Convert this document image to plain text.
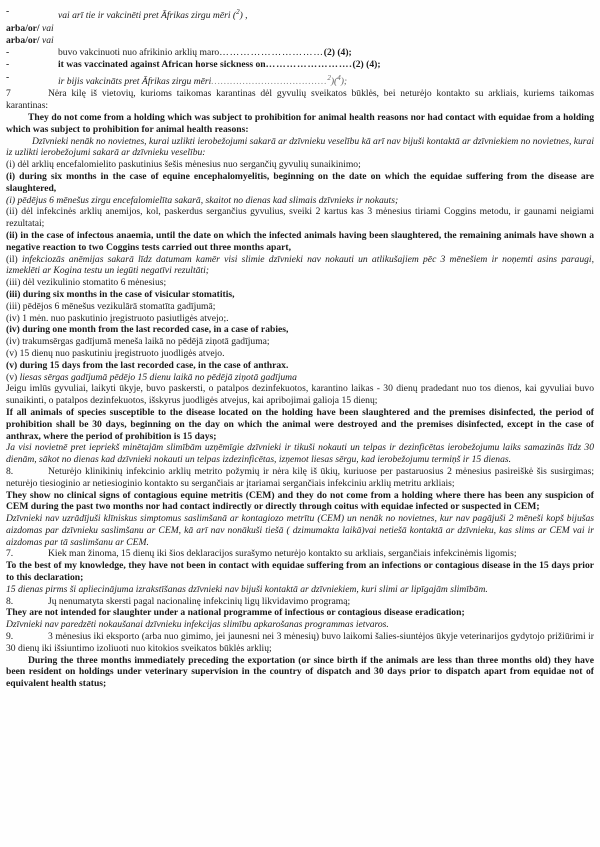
-	vai arī tie ir vakcinēti pret Āfrikas zirgu mēri ($^2$) ,
arba/or/ vai
arba/or/ vai
-	buvo vakcinuoti nuo afrikinio arklių maro…………………………(2) (4);
-	it was vaccinated against African horse sickness on…………………….(2) (4);
-	ir bijis vakcināts pret Āfrikas zirgu mēri…………………………….…$^2$)($^4$);

7	Nėra kilę iš vietovių, kurioms taikomas karantinas dėl gyvulių sveikatos būklės, bei neturėjo kontakto su arkliais, kuriems taikomas karantinas:

They do not come from a holding which was subject to prohibition for animal health reasons nor had contact with equidae from a holding which was subject to prohibition for animal health reasons:

Dzīvnieki nenāk no novietnes, kurai uzlikti ierobežojumi sakarā ar dzīvnieku veselību kā arī nav bijuši kontaktā ar dzīvniekiem no novietnes, kurai iz uzlikti ierobežojumi sakarā ar dzīvnieku veselību:

(i) dėl arklių encefalomielito paskutinius šešis mėnesius nuo sergančių gyvulių sunaikinimo;

(i) during six months in the case of equine encephalomyelitis, beginning on the date on which the equidae suffering from the disease are slaughtered,

(i) pēdējus 6 mēnešus zirgu encefalomielīta sakarā, skaitot no dienas kad slimais dzīvnieks ir nokauts;

(ii) dėl infekcinės arklių anemijos, kol, paskerdus sergančius gyvulius, sveiki 2 kartus kas 3 mėnesius tiriami Coggins metodu, ir gaunami neigiami rezultatai;

(ii) in the case of infectous anaemia, until the date on which the infected animals having been slaughtered, the remaining animals have shown a negative reaction to two Coggins tests carried out three months apart,

(il) infekciozās anēmijas sakarā līdz datumam kamēr visi slimie dzīvnieki nav nokauti un atlikušajiem pēc 3 mēnešiem ir noņemti asins paraugi, izmeklēti ar Kogina testu un iegūti negatīvi rezultāti;

(iii) dėl vezikulinio stomatito 6 mėnesius;

(iii) during six months in the case of visicular stomatitis,

(iii) pēdējos 6 mēnešus vezikulārā stomatīta gadījumā;

(iv) 1 mėn. nuo paskutinio įregistruoto pasiutligės atvejo;.

(iv) during one month from the last recorded case, in a case of rabies,

(iv) trakumsērgas gadījumā meneša laikā no pēdējā ziņotā gadījuma;

(v) 15 dienų nuo paskutiniu įregistruoto juodligės atvejo.

(v) during 15 days from the last recorded case, in the case of anthrax.

(v) liesas sērgas gadījumā pēdējo 15 dienu laikā no pēdējā ziņotā gadījuma

Jeigu imlūs gyvuliai, laikyti ūkyje, buvo paskersti, o patalpos dezinfekuotos, karantino laikas - 30 dienų pradedant nuo tos dienos, kai gyvuliai buvo sunaikinti, o patalpos dezinfekuotos, išskyrus juodligės atvejus, kai apribojimai galioja 15 dienų;

If all animals of species susceptible to the disease located on the holding have been slaughtered and the premises disinfected, the period of prohibition shall be 30 days, beginning on the day on which the animal were destroyed and the premises disinfected, except in the case of anthrax, where the period of prohibition is 15 days;

Ja visi novietnē pret iepriekš minētajām slimībām uzņēmīgie dzīvnieki ir tikuši nokauti un telpas ir dezinficētas ierobežojumu laiks samazinās līdz 30 dienām, sākot no dienas kad dzīvnieki nokauti un telpas izdezinficētas, izņemot liesas sērgu, kad ierobežojumu termiņš ir 15 dienas.

8.	Neturėjo klinikinių infekcinio arklių metrito požymių ir nėra kilę iš ūkių, kuriuose per pastaruosius 2 mėnesius pasireiškė šis susirgimas; neturėjo tiesioginio ar netiesioginio kontakto su sergančiais ar įtariamai sergančiais infekciniu arklių metritu arkliais;

They show no clinical signs of contagious equine metritis (CEM) and they do not come from a holding where there has been any suspicion of CEM during the past two months nor had contact indirectly or directly through coitus with equidae infected or suspected in CEM;

Dzīvnieki nav uzrādījuši klīniskus simptomus saslimšanā ar kontagiozo metrītu (CEM) un nenāk no novietnes, kur nav pagājuši 2 mēneši kopš bijušas aizdomas par dzīvnieku saslimšanu ar CEM, kā arī nav nonākuši tiešā ( dzimumakta laikā)vai netiešā kontaktā ar dzīvnieku, kas slims ar CEM vai ir aizdomas par tā saslimšanu ar CEM.

7.	Kiek man žinoma, 15 dienų iki šios deklaracijos surašymo neturėjo kontakto su arkliais, sergančiais infekcinėmis ligomis;

To the best of my knowledge, they have not been in contact with equidae suffering from an infections or contagious disease in the 15 days prior to this declaration;

15 dienas pirms ši apliecinājuma izrakstīšanas dzīvnieki nav bijuši kontaktā ar dzīvniekiem, kuri slimi ar lipīgajām slimībām.

8.	Jų nenumatyta skersti pagal nacionalinę infekcinių ligų likvidavimo programą;

They are not intended for slaughter under a national programme of infectious or contagious disease eradication;

Dzīvnieki nav paredzēti nokaušanai dzīvnieku infekcijas slimību apkarošanas programmas ietvaros.

9.	3 mėnesius iki eksporto (arba nuo gimimo, jei jaunesni nei 3 mėnesių) buvo laikomi šalies-siuntėjos ūkyje veterinarijos gydytojo prižiūrimi ir 30 dienų iki išsiuntimo izoliuoti nuo kitokios sveikatos būklės arklių;

During the three months immediately preceding the exportation (or since birth if the animals are less than three months old) they have been resident on holdings under veterinary supervision in the country of dispatch and 30 days prior to dispatch apart from equidae not of equivalent health status;
